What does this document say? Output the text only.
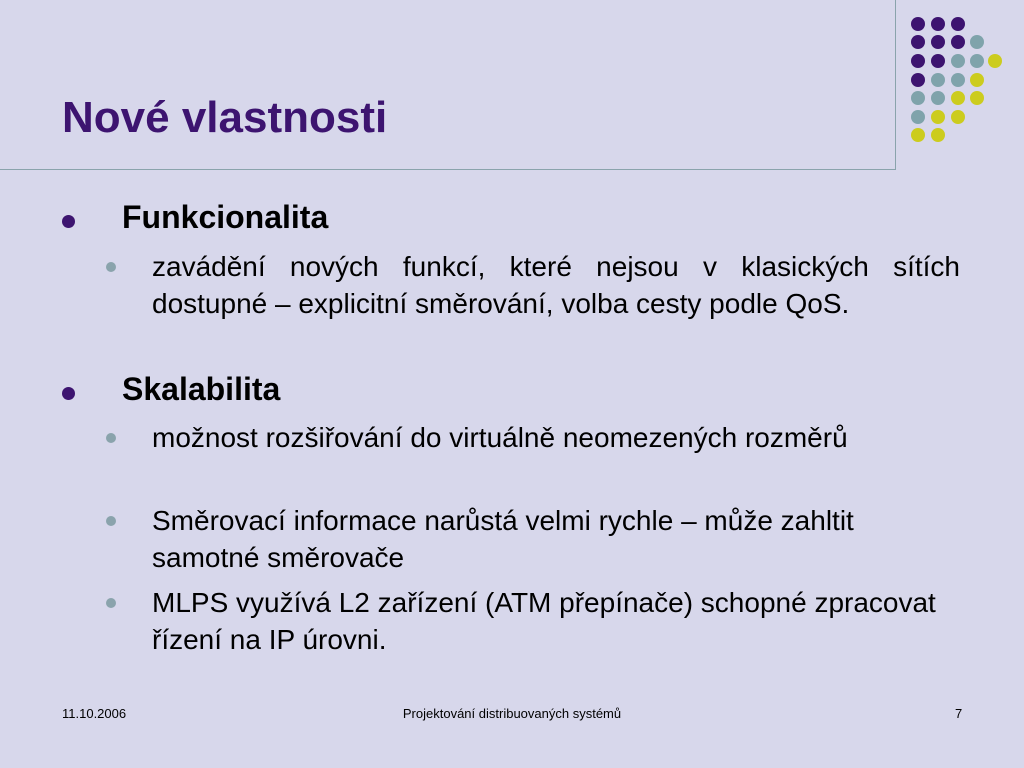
Nové vlastnosti
Funkcionalita
zavádění nových funkcí, které nejsou v klasických sítích dostupné – explicitní směrování, volba cesty podle QoS.
Skalabilita
možnost rozšiřování do virtuálně neomezených rozměrů
Směrovací informace narůstá velmi rychle – může zahltit samotné směrovače
MLPS využívá L2 zařízení (ATM přepínače) schopné zpracovat řízení na IP úrovni.
11.10.2006	Projektování distribuovaných systémů	7
